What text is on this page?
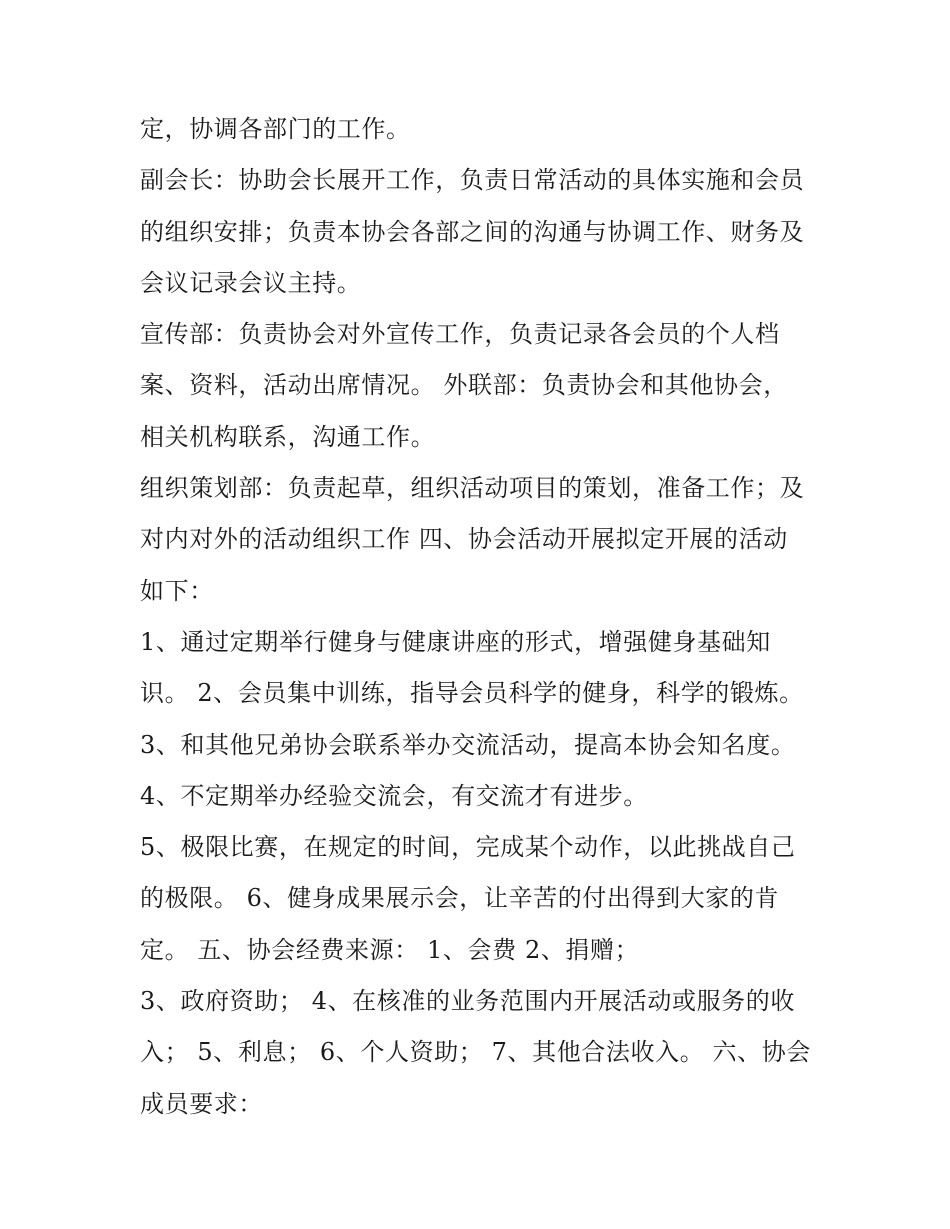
定，协调各部门的工作。
副会长：协助会长展开工作，负责日常活动的具体实施和会员
的组织安排；负责本协会各部之间的沟通与协调工作、财务及
会议记录会议主持。
宣传部：负责协会对外宣传工作，负责记录各会员的个人档
案、资料，活动出席情况。 外联部：负责协会和其他协会，
相关机构联系，沟通工作。
组织策划部：负责起草，组织活动项目的策划，准备工作；及
对内对外的活动组织工作 四、协会活动开展拟定开展的活动
如下：
1、通过定期举行健身与健康讲座的形式，增强健身基础知
识。 2、会员集中训练，指导会员科学的健身，科学的锻炼。
3、和其他兄弟协会联系举办交流活动，提高本协会知名度。
4、不定期举办经验交流会，有交流才有进步。
5、极限比赛，在规定的时间，完成某个动作，以此挑战自己
的极限。 6、健身成果展示会，让辛苦的付出得到大家的肯
定。 五、协会经费来源： 1、会费 2、捐赠；
3、政府资助； 4、在核准的业务范围内开展活动或服务的收
入； 5、利息； 6、个人资助； 7、其他合法收入。 六、协会
成员要求：
